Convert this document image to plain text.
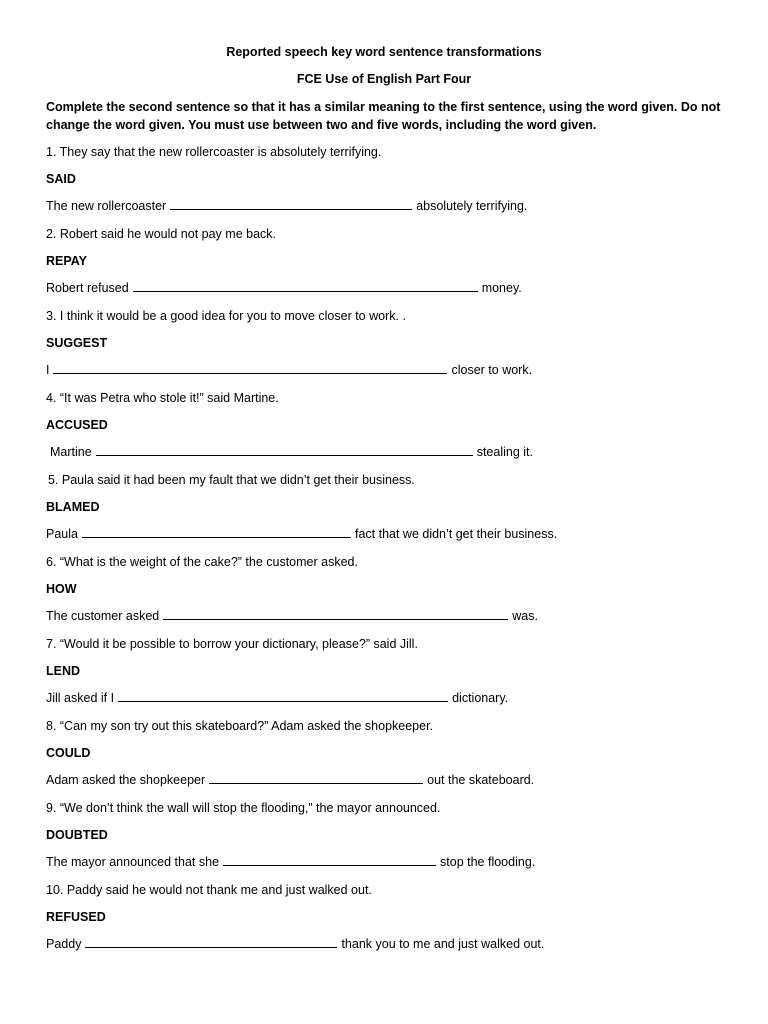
Reported speech key word sentence transformations
FCE Use of English Part Four
Complete the second sentence so that it has a similar meaning to the first sentence, using the word given. Do not change the word given. You must use between two and five words, including the word given.
1. They say that the new rollercoaster is absolutely terrifying.
SAID
The new rollercoaster	absolutely terrifying.
2. Robert said he would not pay me back.
REPAY
Robert refused	money.
3. I think it would be a good idea for you to move closer to work. .
SUGGEST
I	closer to work.
4. “It was Petra who stole it!” said Martine.
ACCUSED
Martine	stealing it.
5. Paula said it had been my fault that we didn’t get their business.
BLAMED
Paula	fact that we didn’t get their business.
6. “What is the weight of the cake?” the customer asked.
HOW
The customer asked	was.
7. “Would it be possible to borrow your dictionary, please?” said Jill.
LEND
Jill asked if I	dictionary.
8. “Can my son try out this skateboard?” Adam asked the shopkeeper.
COULD
Adam asked the shopkeeper	out the skateboard.
9. “We don’t think the wall will stop the flooding,” the mayor announced.
DOUBTED
The mayor announced that she	stop the flooding.
10. Paddy said he would not thank me and just walked out.
REFUSED
Paddy	thank you to me and just walked out.
